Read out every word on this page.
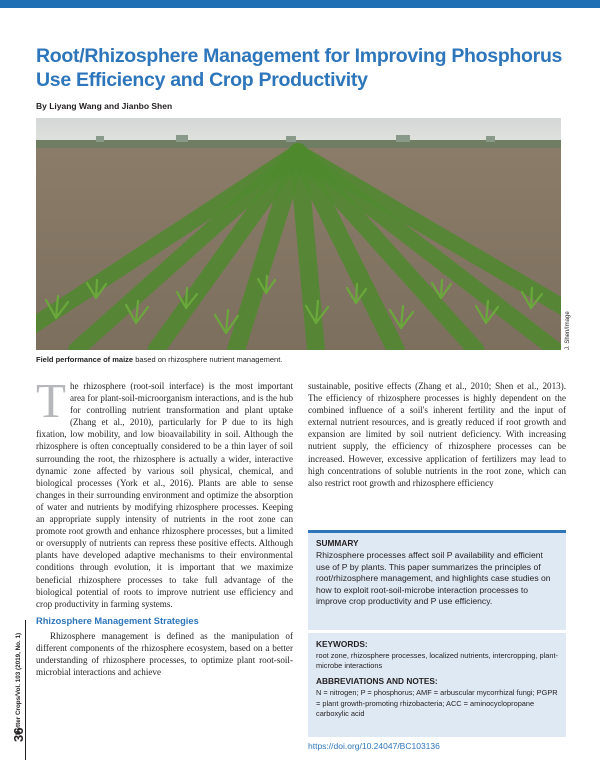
Root/Rhizosphere Management for Improving Phosphorus Use Efficiency and Crop Productivity

By Liyang Wang and Jianbo Shen

J. Shen/Image

Field performance of maize based on rhizosphere nutrient management.

The rhizosphere (root-soil interface) is the most important area for plant-soil-microorganism interactions, and is the hub for controlling nutrient transformation and plant uptake (Zhang et al., 2010), particularly for P due to its high fixation, low mobility, and low bioavailability in soil. Although the rhizosphere is often conceptually considered to be a thin layer of soil surrounding the root, the rhizosphere is actually a wider, interactive dynamic zone affected by various soil physical, chemical, and biological processes (York et al., 2016). Plants are able to sense changes in their surrounding environment and optimize the absorption of water and nutrients by modifying rhizosphere processes. Keeping an appropriate supply intensity of nutrients in the root zone can promote root growth and enhance rhizosphere processes, but a limited or oversupply of nutrients can repress these positive effects. Although plants have developed adaptive mechanisms to their environmental conditions through evolution, it is important that we maximize beneficial rhizosphere processes to take full advantage of the biological potential of roots to improve nutrient use efficiency and crop productivity in farming systems.

Rhizosphere Management Strategies

Rhizosphere management is defined as the manipulation of different components of the rhizosphere ecosystem, based on a better understanding of rhizosphere processes, to optimize plant root-soil-microbial interactions and achieve

sustainable, positive effects (Zhang et al., 2010; Shen et al., 2013). The efficiency of rhizosphere processes is highly dependent on the combined influence of a soil's inherent fertility and the input of external nutrient resources, and is greatly reduced if root growth and expansion are limited by soil nutrient deficiency. With increasing nutrient supply, the efficiency of rhizosphere processes can be increased. However, excessive application of fertilizers may lead to high concentrations of soluble nutrients in the root zone, which can also restrict root growth and rhizosphere efficiency

SUMMARY

Rhizosphere processes affect soil P availability and efficient use of P by plants. This paper summarizes the principles of root/rhizosphere management, and highlights case studies on how to exploit root-soil-microbe interaction processes to improve crop productivity and P use efficiency.

KEYWORDS:

root zone, rhizosphere processes, localized nutrients, intercropping, plant-microbe interactions

ABBREVIATIONS AND NOTES:

N = nitrogen; P = phosphorus; AMF = arbuscular mycorrhizal fungi; PGPR = plant growth-promoting rhizobacteria; ACC = aminocyclopropane carboxylic acid

https://doi.org/10.24047/BC103136

Better Crops/Vol. 103 (2019, No. 1)
36
